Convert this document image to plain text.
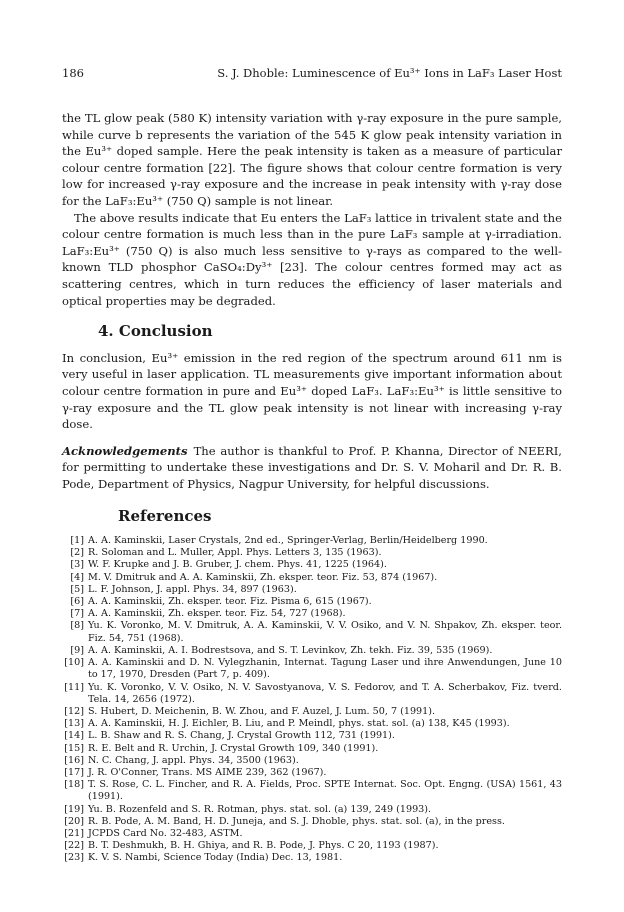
186	S. J. Dhoble: Luminescence of Eu³⁺ Ions in LaF₃ Laser Host

the TL glow peak (580 K) intensity variation with γ-ray exposure in the pure sample, while curve b represents the variation of the 545 K glow peak intensity variation in the Eu³⁺ doped sample. Here the peak intensity is taken as a measure of particular colour centre formation [22]. The figure shows that colour centre formation is very low for increased γ-ray exposure and the increase in peak intensity with γ-ray dose for the LaF₃:Eu³⁺ (750 Q) sample is not linear.

The above results indicate that Eu enters the LaF₃ lattice in trivalent state and the colour centre formation is much less than in the pure LaF₃ sample at γ-irradiation. LaF₃:Eu³⁺ (750 Q) is also much less sensitive to γ-rays as compared to the well-known TLD phosphor CaSO₄:Dy³⁺ [23]. The colour centres formed may act as scattering centres, which in turn reduces the efficiency of laser materials and optical properties may be degraded.

4. Conclusion

In conclusion, Eu³⁺ emission in the red region of the spectrum around 611 nm is very useful in laser application. TL measurements give important information about colour centre formation in pure and Eu³⁺ doped LaF₃. LaF₃:Eu³⁺ is little sensitive to γ-ray exposure and the TL glow peak intensity is not linear with increasing γ-ray dose.

Acknowledgements The author is thankful to Prof. P. Khanna, Director of NEERI, for permitting to undertake these investigations and Dr. S. V. Moharil and Dr. R. B. Pode, Department of Physics, Nagpur University, for helpful discussions.

References
[1] A. A. Kaminskii, Laser Crystals, 2nd ed., Springer-Verlag, Berlin/Heidelberg 1990.
[2] R. Soloman and L. Muller, Appl. Phys. Letters 3, 135 (1963).
[3] W. F. Krupke and J. B. Gruber, J. chem. Phys. 41, 1225 (1964).
[4] M. V. Dmitruk and A. A. Kaminskii, Zh. eksper. teor. Fiz. 53, 874 (1967).
[5] L. F. Johnson, J. appl. Phys. 34, 897 (1963).
[6] A. A. Kaminskii, Zh. eksper. teor. Fiz. Pisma 6, 615 (1967).
[7] A. A. Kaminskii, Zh. eksper. teor. Fiz. 54, 727 (1968).
[8] Yu. K. Voronko, M. V. Dmitruk, A. A. Kaminskii, V. V. Osiko, and V. N. Shpakov, Zh. eksper. teor. Fiz. 54, 751 (1968).
[9] A. A. Kaminskii, A. I. Bodrestsova, and S. T. Levinkov, Zh. tekh. Fiz. 39, 535 (1969).
[10] A. A. Kaminskii and D. N. Vylegzhanin, Internat. Tagung Laser und ihre Anwendungen, June 10 to 17, 1970, Dresden (Part 7, p. 409).
[11] Yu. K. Voronko, V. V. Osiko, N. V. Savostyanova, V. S. Fedorov, and T. A. Scherbakov, Fiz. tverd. Tela. 14, 2656 (1972).
[12] S. Hubert, D. Meichenin, B. W. Zhou, and F. Auzel, J. Lum. 50, 7 (1991).
[13] A. A. Kaminskii, H. J. Eichler, B. Liu, and P. Meindl, phys. stat. sol. (a) 138, K45 (1993).
[14] L. B. Shaw and R. S. Chang, J. Crystal Growth 112, 731 (1991).
[15] R. E. Belt and R. Urchin, J. Crystal Growth 109, 340 (1991).
[16] N. C. Chang, J. appl. Phys. 34, 3500 (1963).
[17] J. R. O'Conner, Trans. MS AIME 239, 362 (1967).
[18] T. S. Rose, C. L. Fincher, and R. A. Fields, Proc. SPTE Internat. Soc. Opt. Engng. (USA) 1561, 43 (1991).
[19] Yu. B. Rozenfeld and S. R. Rotman, phys. stat. sol. (a) 139, 249 (1993).
[20] R. B. Pode, A. M. Band, H. D. Juneja, and S. J. Dhoble, phys. stat. sol. (a), in the press.
[21] JCPDS Card No. 32-483, ASTM.
[22] B. T. Deshmukh, B. H. Ghiya, and R. B. Pode, J. Phys. C 20, 1193 (1987).
[23] K. V. S. Nambi, Science Today (India) Dec. 13, 1981.
